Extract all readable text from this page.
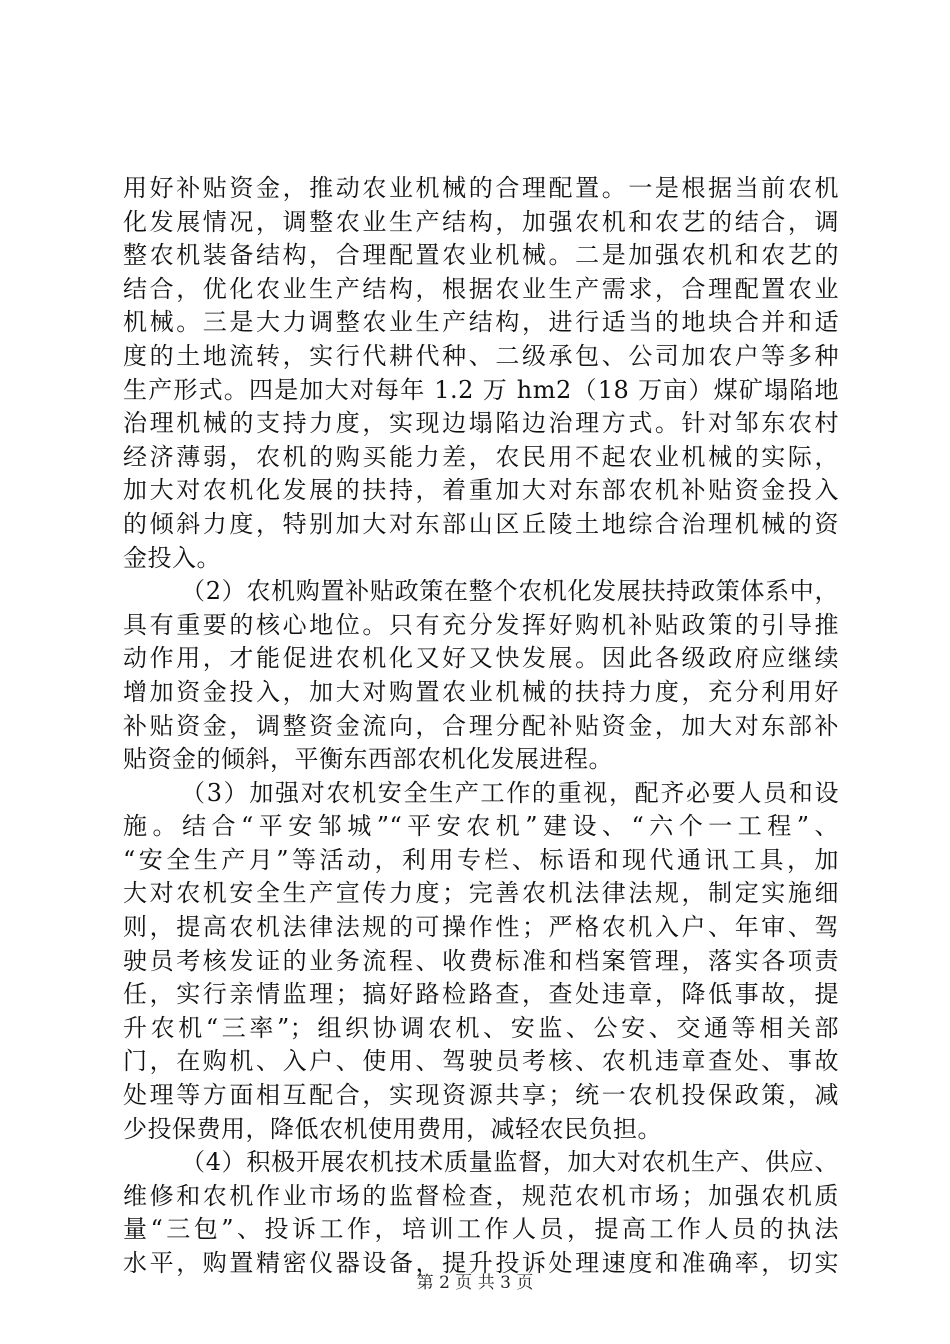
用好补贴资金，推动农业机械的合理配置。一是根据当前农机
化发展情况，调整农业生产结构，加强农机和农艺的结合，调
整农机装备结构，合理配置农业机械。二是加强农机和农艺的
结合，优化农业生产结构，根据农业生产需求，合理配置农业
机械。三是大力调整农业生产结构，进行适当的地块合并和适
度的土地流转，实行代耕代种、二级承包、公司加农户等多种
生产形式。四是加大对每年 1.2 万 hm2（18 万亩）煤矿塌陷地
治理机械的支持力度，实现边塌陷边治理方式。针对邹东农村
经济薄弱，农机的购买能力差，农民用不起农业机械的实际，
加大对农机化发展的扶持，着重加大对东部农机补贴资金投入
的倾斜力度，特别加大对东部山区丘陵土地综合治理机械的资
金投入。
（2）农机购置补贴政策在整个农机化发展扶持政策体系中，
具有重要的核心地位。只有充分发挥好购机补贴政策的引导推
动作用，才能促进农机化又好又快发展。因此各级政府应继续
增加资金投入，加大对购置农业机械的扶持力度，充分利用好
补贴资金，调整资金流向，合理分配补贴资金，加大对东部补
贴资金的倾斜，平衡东西部农机化发展进程。
（3）加强对农机安全生产工作的重视，配齐必要人员和设
施。结合“平安邹城”“平安农机”建设、“六个一工程”、
“安全生产月”等活动，利用专栏、标语和现代通讯工具，加
大对农机安全生产宣传力度；完善农机法律法规，制定实施细
则，提高农机法律法规的可操作性；严格农机入户、年审、驾
驶员考核发证的业务流程、收费标准和档案管理，落实各项责
任，实行亲情监理；搞好路检路查，查处违章，降低事故，提
升农机“三率”；组织协调农机、安监、公安、交通等相关部
门，在购机、入户、使用、驾驶员考核、农机违章查处、事故
处理等方面相互配合，实现资源共享；统一农机投保政策，减
少投保费用，降低农机使用费用，减轻农民负担。
（4）积极开展农机技术质量监督，加大对农机生产、供应、
维修和农机作业市场的监督检查，规范农机市场；加强农机质
量“三包”、投诉工作，培训工作人员，提高工作人员的执法
水平，购置精密仪器设备，提升投诉处理速度和准确率，切实
第 2 页 共 3 页
